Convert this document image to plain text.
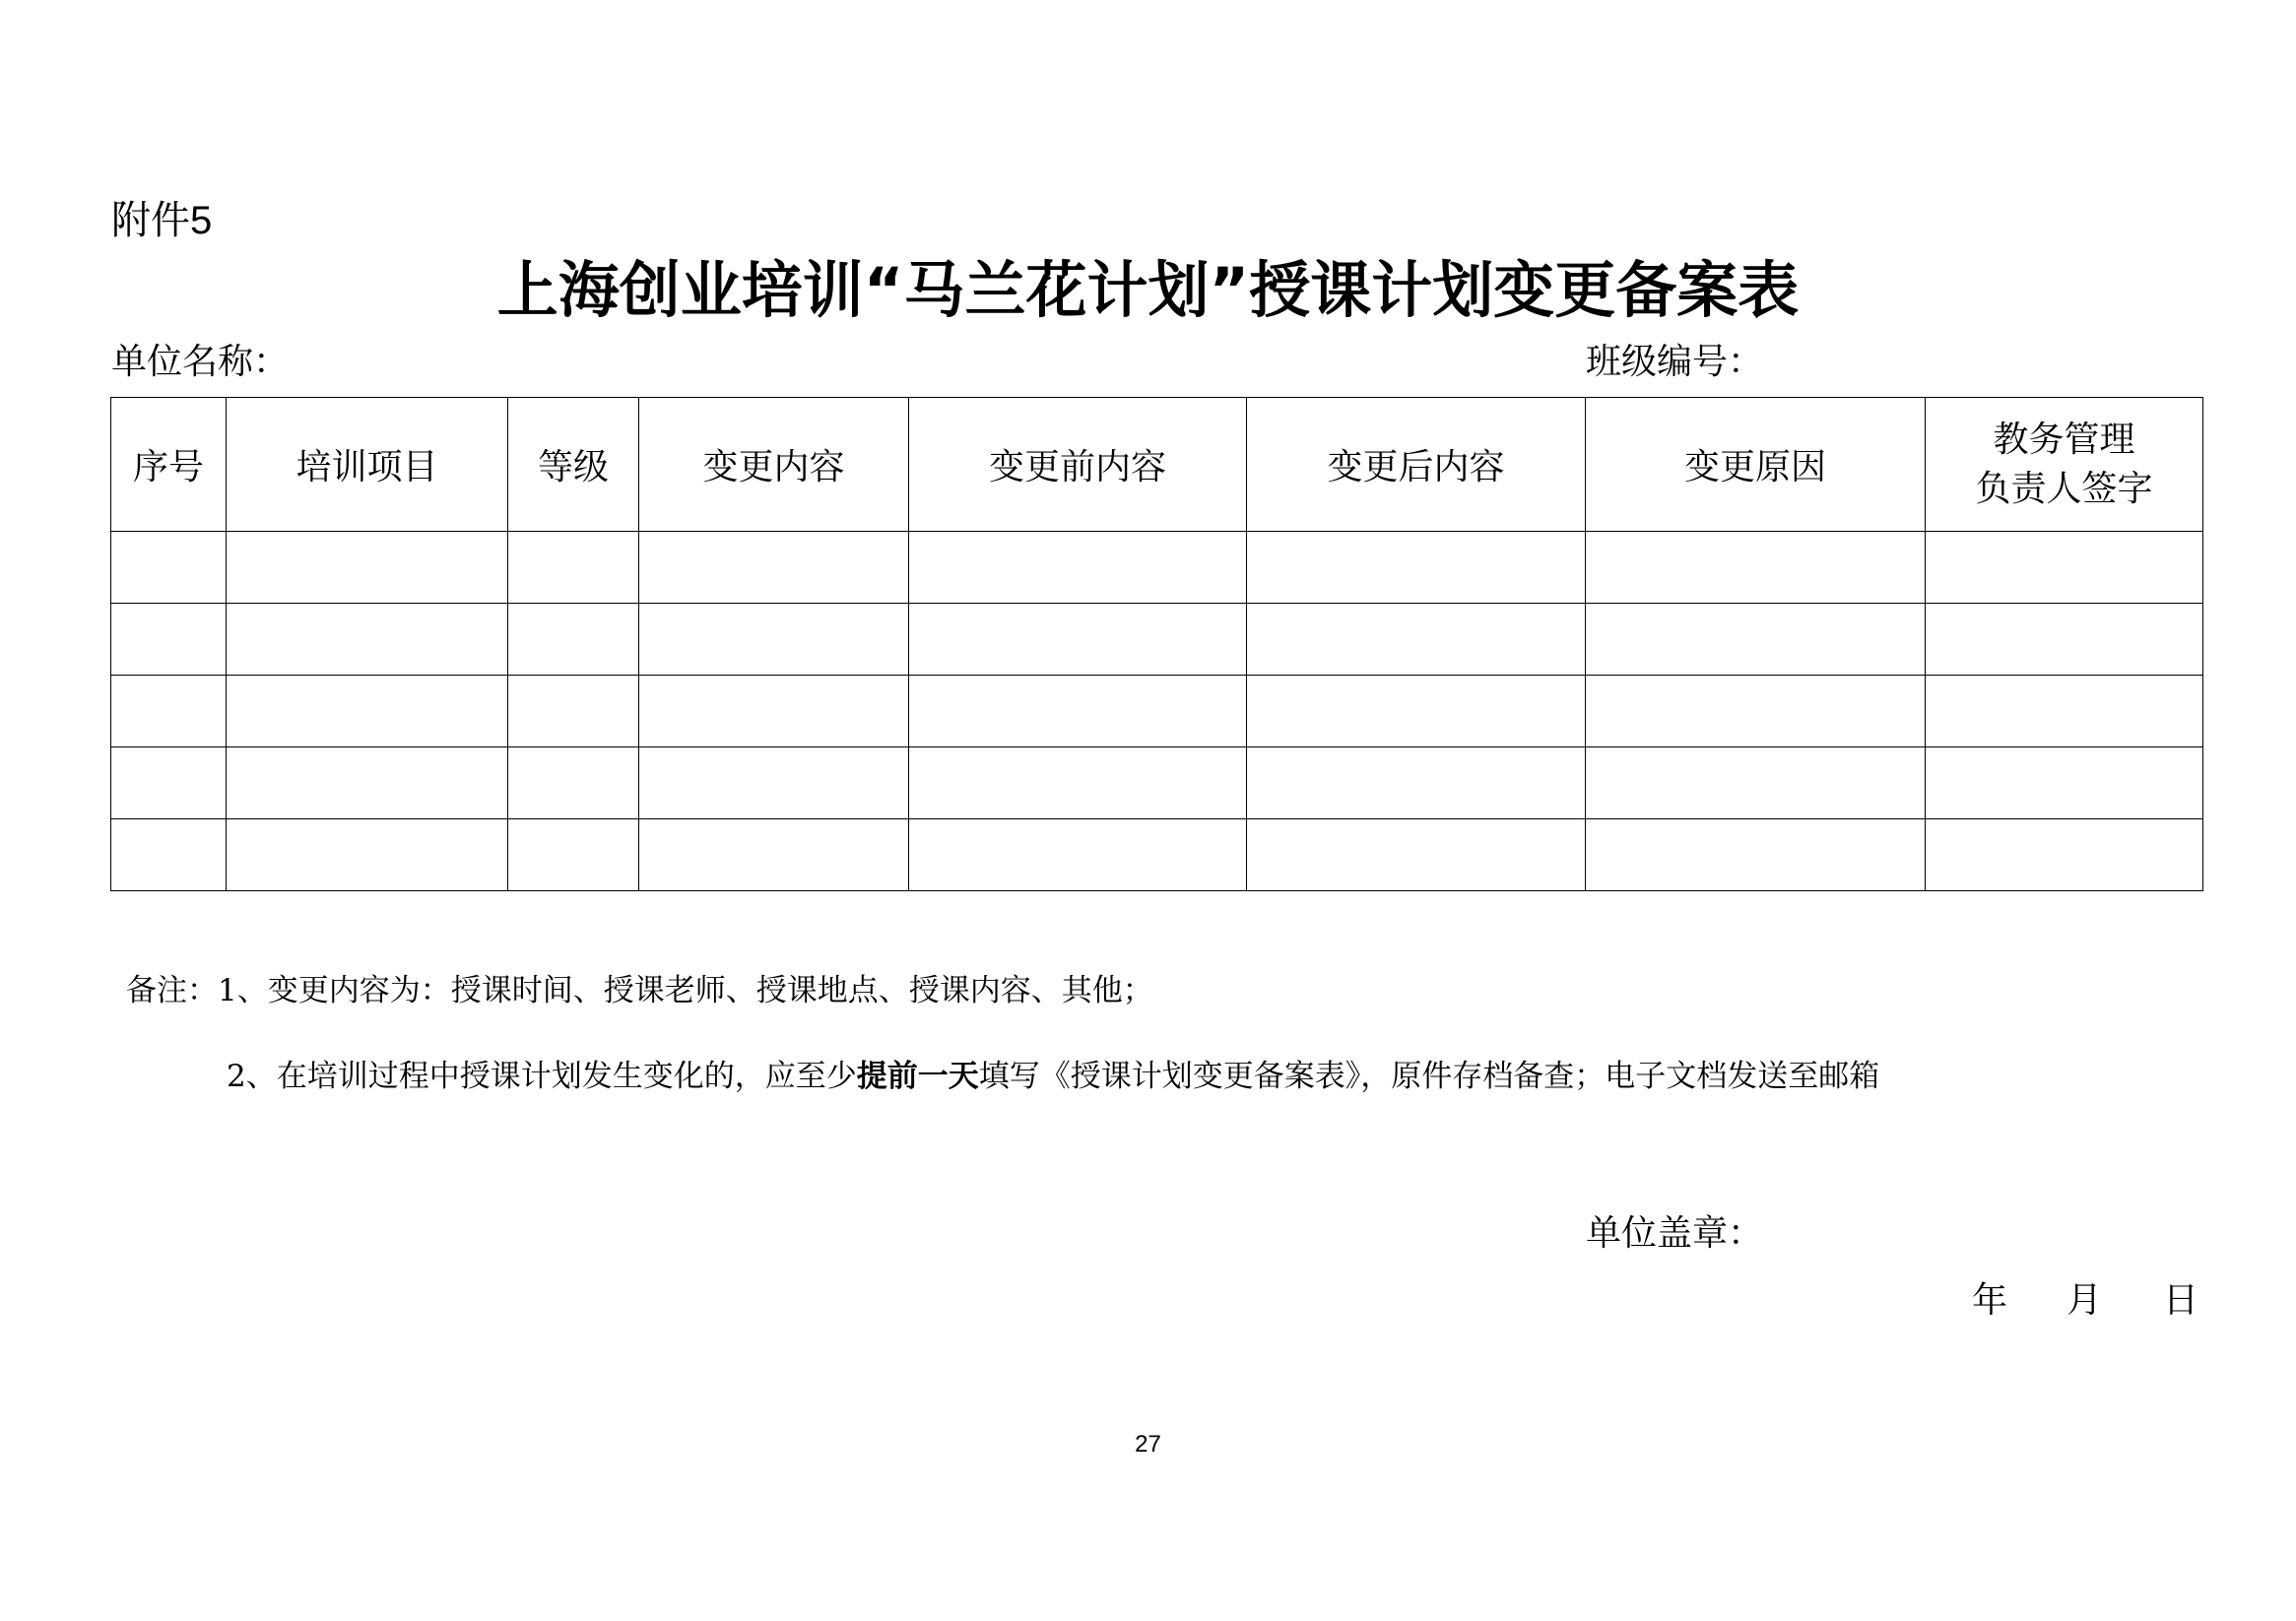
附件5
上海创业培训“马兰花计划”授课计划变更备案表
单位名称：	班级编号：
序号	培训项目	等级	变更内容	变更前内容	变更后内容	变更原因	教务管理
负责人签字

备注：1、变更内容为：授课时间、授课老师、授课地点、授课内容、其他；
2、在培训过程中授课计划发生变化的，应至少提前一天填写《授课计划变更备案表》，原件存档备查；电子文档发送至邮箱
单位盖章：
年 月 日
27
